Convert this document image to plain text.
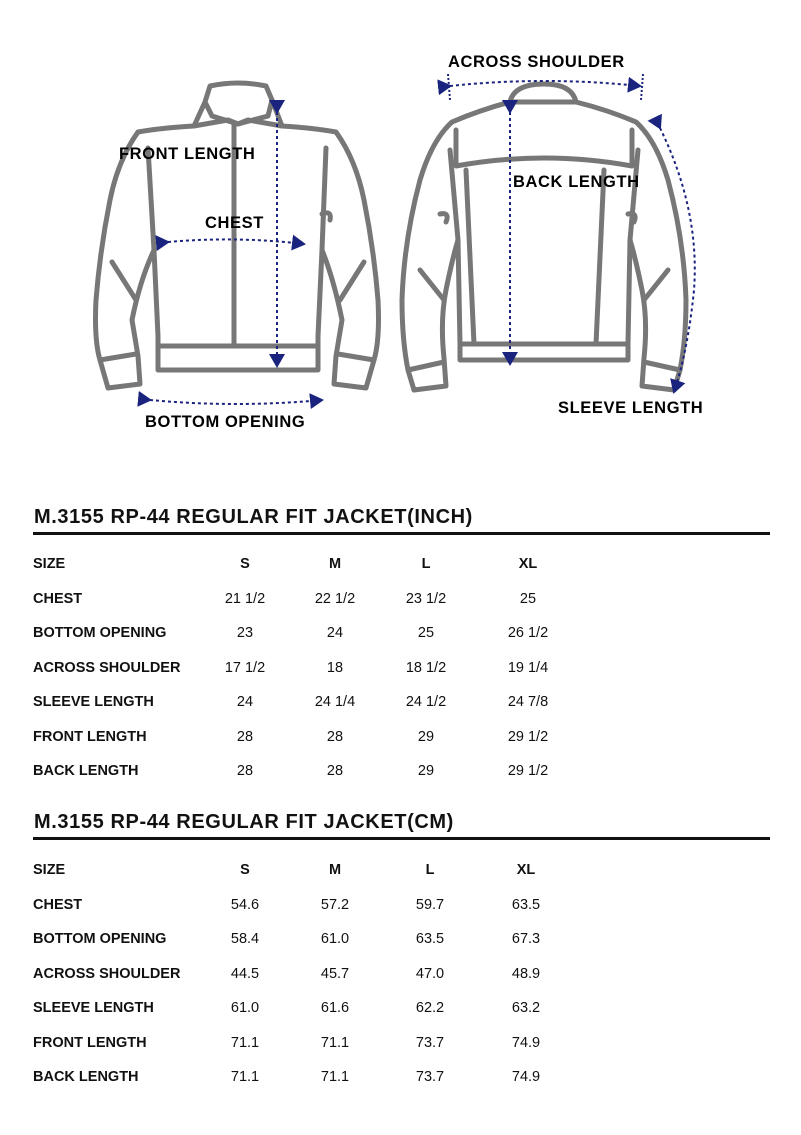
FRONT LENGTH
CHEST
BOTTOM OPENING
ACROSS SHOULDER
BACK LENGTH
SLEEVE LENGTH
M.3155 RP-44 REGULAR FIT JACKET(INCH)
SIZE	S	M	L	XL
CHEST	21 1/2	22 1/2	23 1/2	25
BOTTOM OPENING	23	24	25	26 1/2
ACROSS SHOULDER	17 1/2	18	18 1/2	19 1/4
SLEEVE LENGTH	24	24 1/4	24 1/2	24 7/8
FRONT LENGTH	28	28	29	29 1/2
BACK LENGTH	28	28	29	29 1/2
M.3155 RP-44 REGULAR FIT JACKET(CM)
SIZE	S	M	L	XL
CHEST	54.6	57.2	59.7	63.5
BOTTOM OPENING	58.4	61.0	63.5	67.3
ACROSS SHOULDER	44.5	45.7	47.0	48.9
SLEEVE LENGTH	61.0	61.6	62.2	63.2
FRONT LENGTH	71.1	71.1	73.7	74.9
BACK LENGTH	71.1	71.1	73.7	74.9
